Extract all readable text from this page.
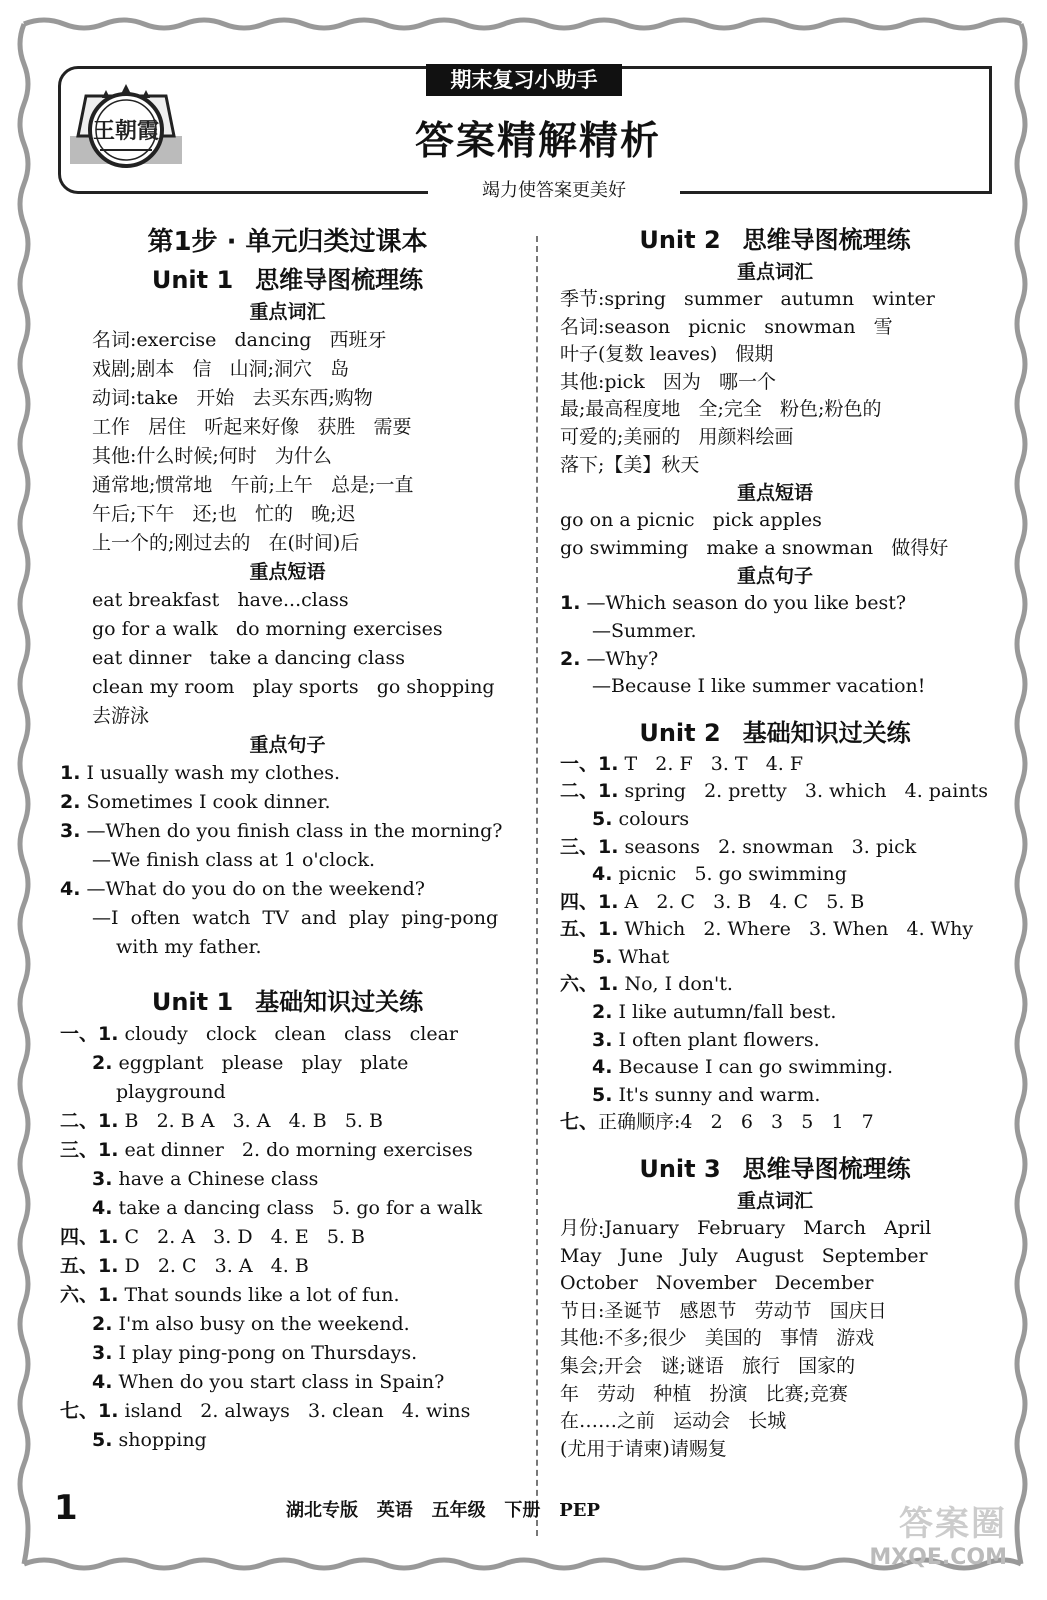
王朝霞
期末复习小助手
答案精解精析
竭力使答案更美好
第1步 · 单元归类过课本
Unit 1 思维导图梳理练
重点词汇
名词:exercise   dancing   西班牙
戏剧;剧本   信   山洞;洞穴   岛
动词:take   开始   去买东西;购物
工作   居住   听起来好像   获胜   需要
其他:什么时候;何时   为什么
通常地;惯常地   午前;上午   总是;一直
午后;下午   还;也   忙的   晚;迟
上一个的;刚过去的   在(时间)后
重点短语
eat breakfast   have...class
go for a walk   do morning exercises
eat dinner   take a dancing class
clean my room   play sports   go shopping
去游泳
重点句子
1. I usually wash my clothes.
2. Sometimes I cook dinner.
3. —When do you finish class in the morning?
—We finish class at 1 o'clock.
4. —What do you do on the weekend?
—I  often  watch  TV  and  play  ping-pong
with my father.
Unit 1 基础知识过关练
一、1. cloudy   clock   clean   class   clear
2. eggplant   please   play   plate
playground
二、1. B   2. B A   3. A   4. B   5. B
三、1. eat dinner   2. do morning exercises
3. have a Chinese class
4. take a dancing class   5. go for a walk
四、1. C   2. A   3. D   4. E   5. B
五、1. D   2. C   3. A   4. B
六、1. That sounds like a lot of fun.
2. I'm also busy on the weekend.
3. I play ping-pong on Thursdays.
4. When do you start class in Spain?
七、1. island   2. always   3. clean   4. wins
5. shopping
Unit 2 思维导图梳理练
重点词汇
季节:spring   summer   autumn   winter
名词:season   picnic   snowman   雪
叶子(复数 leaves)   假期
其他:pick   因为   哪一个
最;最高程度地   全;完全   粉色;粉色的
可爱的;美丽的   用颜料绘画
落下;【美】秋天
重点短语
go on a picnic   pick apples
go swimming   make a snowman   做得好
重点句子
1. —Which season do you like best?
—Summer.
2. —Why?
—Because I like summer vacation!
Unit 2 基础知识过关练
一、1. T   2. F   3. T   4. F
二、1. spring   2. pretty   3. which   4. paints
5. colours
三、1. seasons   2. snowman   3. pick
4. picnic   5. go swimming
四、1. A   2. C   3. B   4. C   5. B
五、1. Which   2. Where   3. When   4. Why
5. What
六、1. No, I don't.
2. I like autumn/fall best.
3. I often plant flowers.
4. Because I can go swimming.
5. It's sunny and warm.
七、正确顺序:4   2   6   3   5   1   7
Unit 3 思维导图梳理练
重点词汇
月份:January   February   March   April
May   June   July   August   September
October   November   December
节日:圣诞节   感恩节   劳动节   国庆日
其他:不多;很少   美国的   事情   游戏
集会;开会   谜;谜语   旅行   国家的
年   劳动   种植   扮演   比赛;竞赛
在……之前   运动会   长城
(尤用于请柬)请赐复
1	湖北专版   英语   五年级   下册   PEP	答案圈
MXQE.COM
